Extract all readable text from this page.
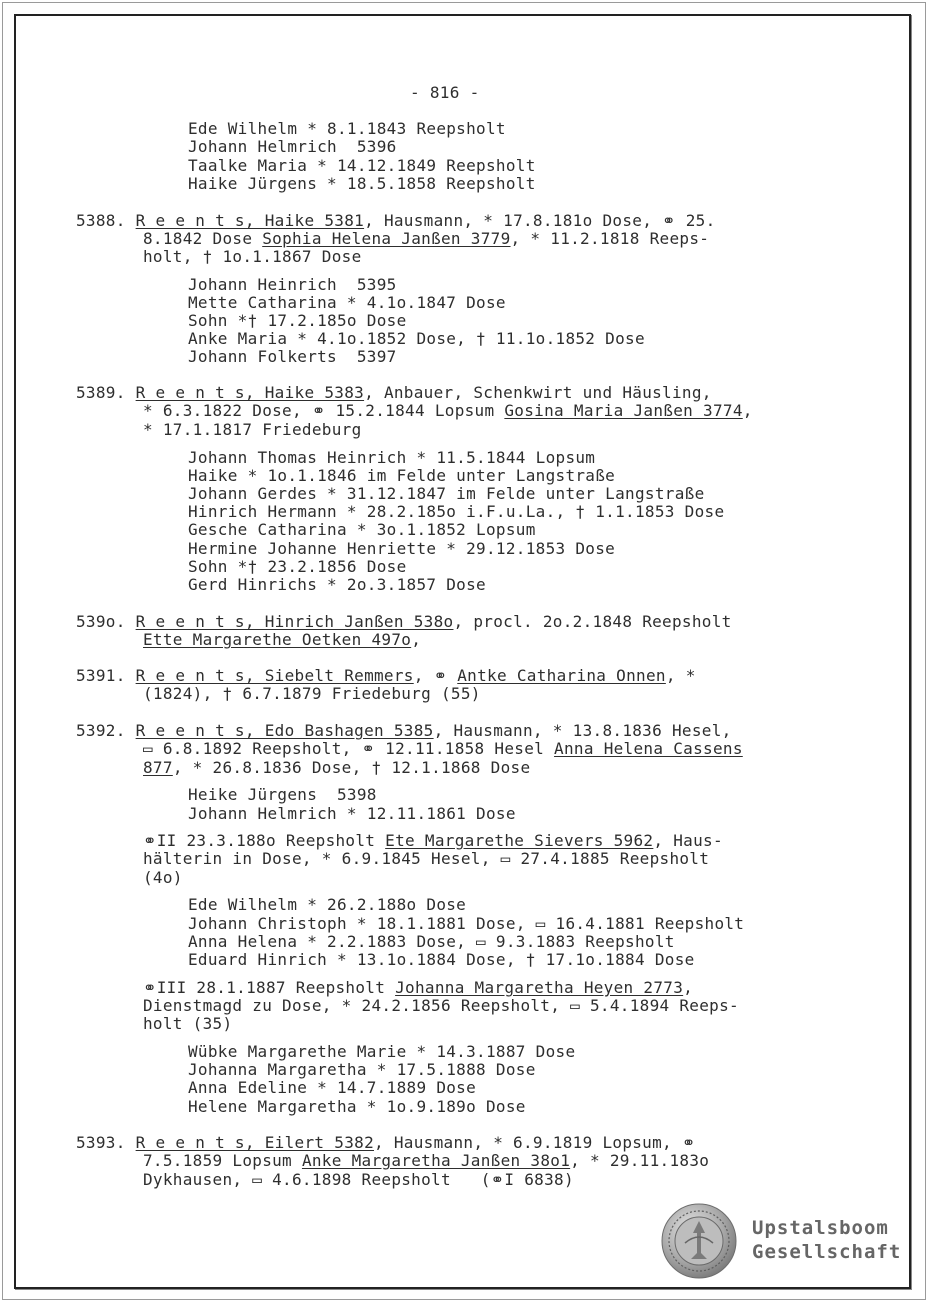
- 816 -
Ede Wilhelm * 8.1.1843 Reepsholt
Johann Helmrich  5396
Taalke Maria * 14.12.1849 Reepsholt
Haike Jürgens * 18.5.1858 Reepsholt
5388. R e e n t s, Haike 5381, Hausmann, * 17.8.181o Dose, ⚭ 25.
8.1842 Dose Sophia Helena Janßen 3779, * 11.2.1818 Reeps-
holt, † 1o.1.1867 Dose
Johann Heinrich  5395
Mette Catharina * 4.1o.1847 Dose
Sohn *† 17.2.185o Dose
Anke Maria * 4.1o.1852 Dose, † 11.1o.1852 Dose
Johann Folkerts  5397
5389. R e e n t s, Haike 5383, Anbauer, Schenkwirt und Häusling,
* 6.3.1822 Dose, ⚭ 15.2.1844 Lopsum Gosina Maria Janßen 3774,
* 17.1.1817 Friedeburg
Johann Thomas Heinrich * 11.5.1844 Lopsum
Haike * 1o.1.1846 im Felde unter Langstraße
Johann Gerdes * 31.12.1847 im Felde unter Langstraße
Hinrich Hermann * 28.2.185o i.F.u.La., † 1.1.1853 Dose
Gesche Catharina * 3o.1.1852 Lopsum
Hermine Johanne Henriette * 29.12.1853 Dose
Sohn *† 23.2.1856 Dose
Gerd Hinrichs * 2o.3.1857 Dose
539o. R e e n t s, Hinrich Janßen 538o, procl. 2o.2.1848 Reepsholt
Ette Margarethe Oetken 497o,
5391. R e e n t s, Siebelt Remmers, ⚭ Antke Catharina Onnen, *
(1824), † 6.7.1879 Friedeburg (55)
5392. R e e n t s, Edo Bashagen 5385, Hausmann, * 13.8.1836 Hesel,
▭ 6.8.1892 Reepsholt, ⚭ 12.11.1858 Hesel Anna Helena Cassens
877, * 26.8.1836 Dose, † 12.1.1868 Dose
Heike Jürgens  5398
Johann Helmrich * 12.11.1861 Dose
⚭II 23.3.188o Reepsholt Ete Margarethe Sievers 5962, Haus-
hälterin in Dose, * 6.9.1845 Hesel, ▭ 27.4.1885 Reepsholt
(4o)
Ede Wilhelm * 26.2.188o Dose
Johann Christoph * 18.1.1881 Dose, ▭ 16.4.1881 Reepsholt
Anna Helena * 2.2.1883 Dose, ▭ 9.3.1883 Reepsholt
Eduard Hinrich * 13.1o.1884 Dose, † 17.1o.1884 Dose
⚭III 28.1.1887 Reepsholt Johanna Margaretha Heyen 2773,
Dienstmagd zu Dose, * 24.2.1856 Reepsholt, ▭ 5.4.1894 Reeps-
holt (35)
Wübke Margarethe Marie * 14.3.1887 Dose
Johanna Margaretha * 17.5.1888 Dose
Anna Edeline * 14.7.1889 Dose
Helene Margaretha * 1o.9.189o Dose
5393. R e e n t s, Eilert 5382, Hausmann, * 6.9.1819 Lopsum, ⚭
7.5.1859 Lopsum Anke Margaretha Janßen 38o1, * 29.11.183o
Dykhausen, ▭ 4.6.1898 Reepsholt   (⚭I 6838)
Upstalsboom
Gesellschaft
